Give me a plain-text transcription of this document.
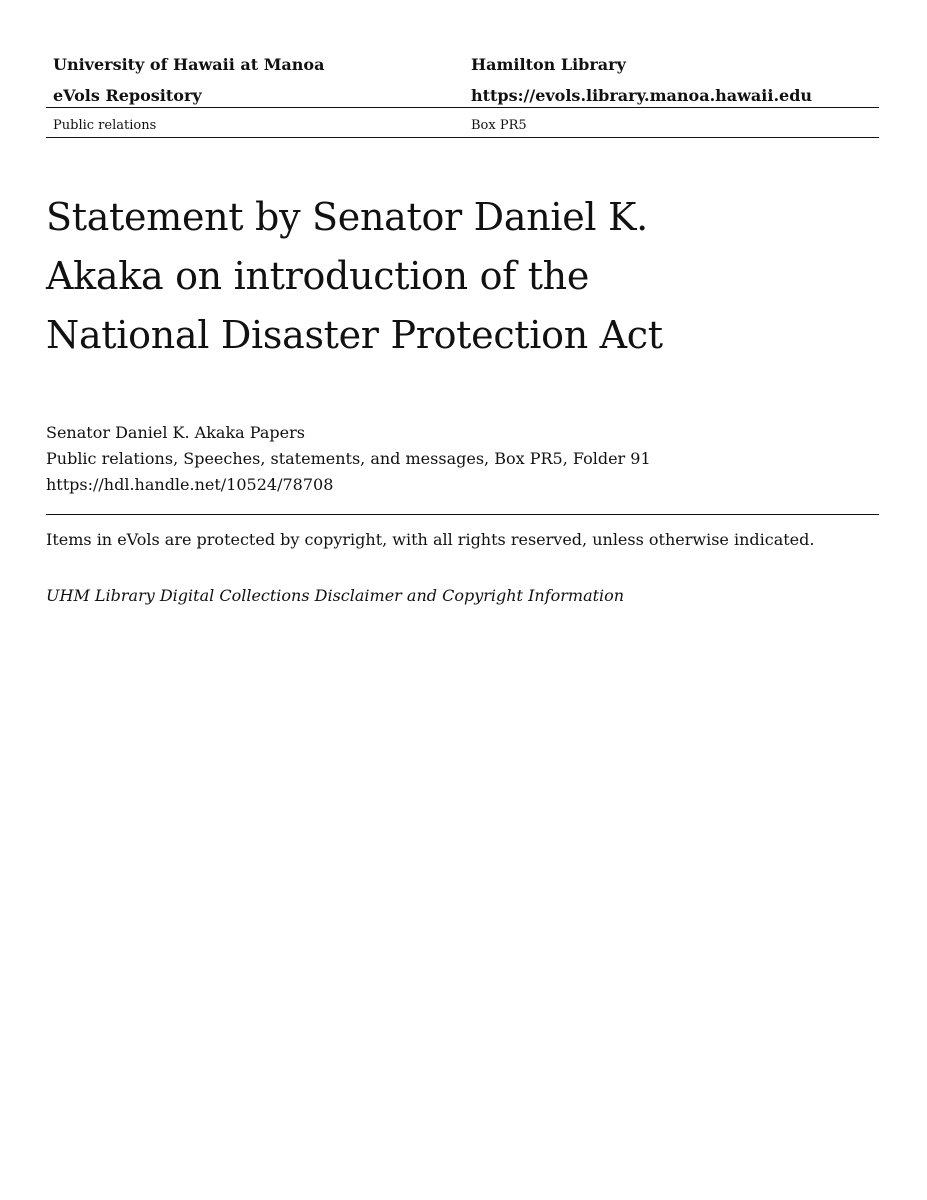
University of Hawaii at Manoa	Hamilton Library
eVols Repository	https://evols.library.manoa.hawaii.edu
Public relations	Box PR5
Statement by Senator Daniel K.
Akaka on introduction of the
National Disaster Protection Act
Senator Daniel K. Akaka Papers
Public relations, Speeches, statements, and messages, Box PR5, Folder 91
https://hdl.handle.net/10524/78708
Items in eVols are protected by copyright, with all rights reserved, unless otherwise indicated.
UHM Library Digital Collections Disclaimer and Copyright Information
